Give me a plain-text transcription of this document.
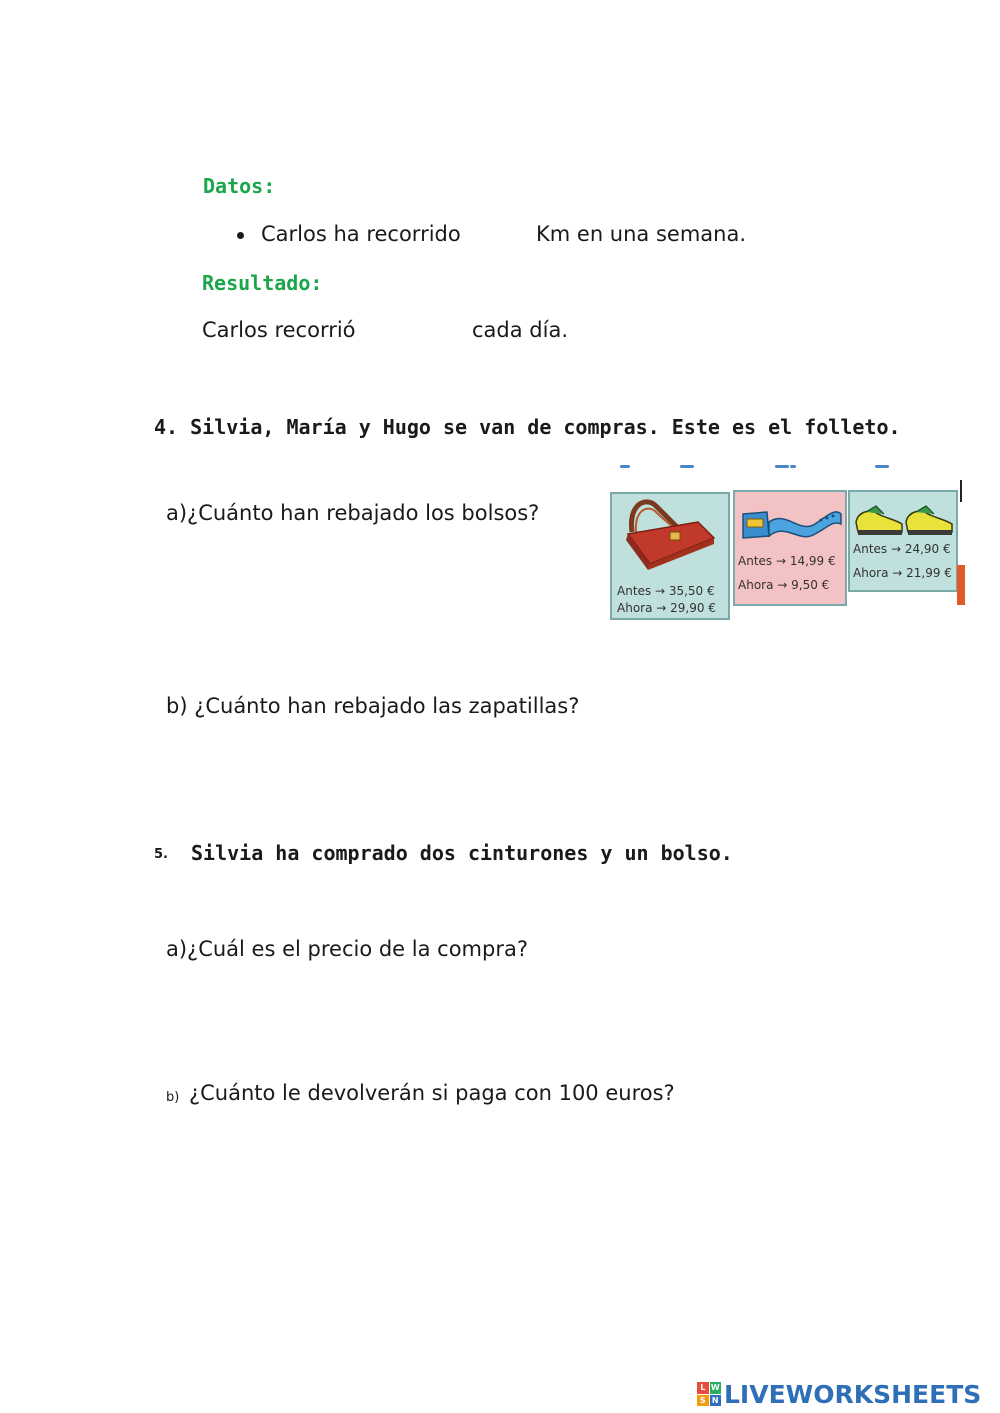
Datos:
Carlos ha recorrido	Km en una semana.
Resultado:
Carlos recorrió	cada día.
4. Silvia, María y Hugo se van de compras. Este es el folleto.
a)¿Cuánto han rebajado los bolsos?
Antes → 35,50 €
Ahora → 29,90 €
Antes → 14,99 €
Ahora → 9,50 €
Antes → 24,90 €
Ahora → 21,99 €
b) ¿Cuánto han rebajado las zapatillas?
5. Silvia ha comprado dos cinturones y un bolso.
a)¿Cuál es el precio de la compra?
b) ¿Cuánto le devolverán si paga con 100 euros?
L W
S N LIVEWORKSHEETS
